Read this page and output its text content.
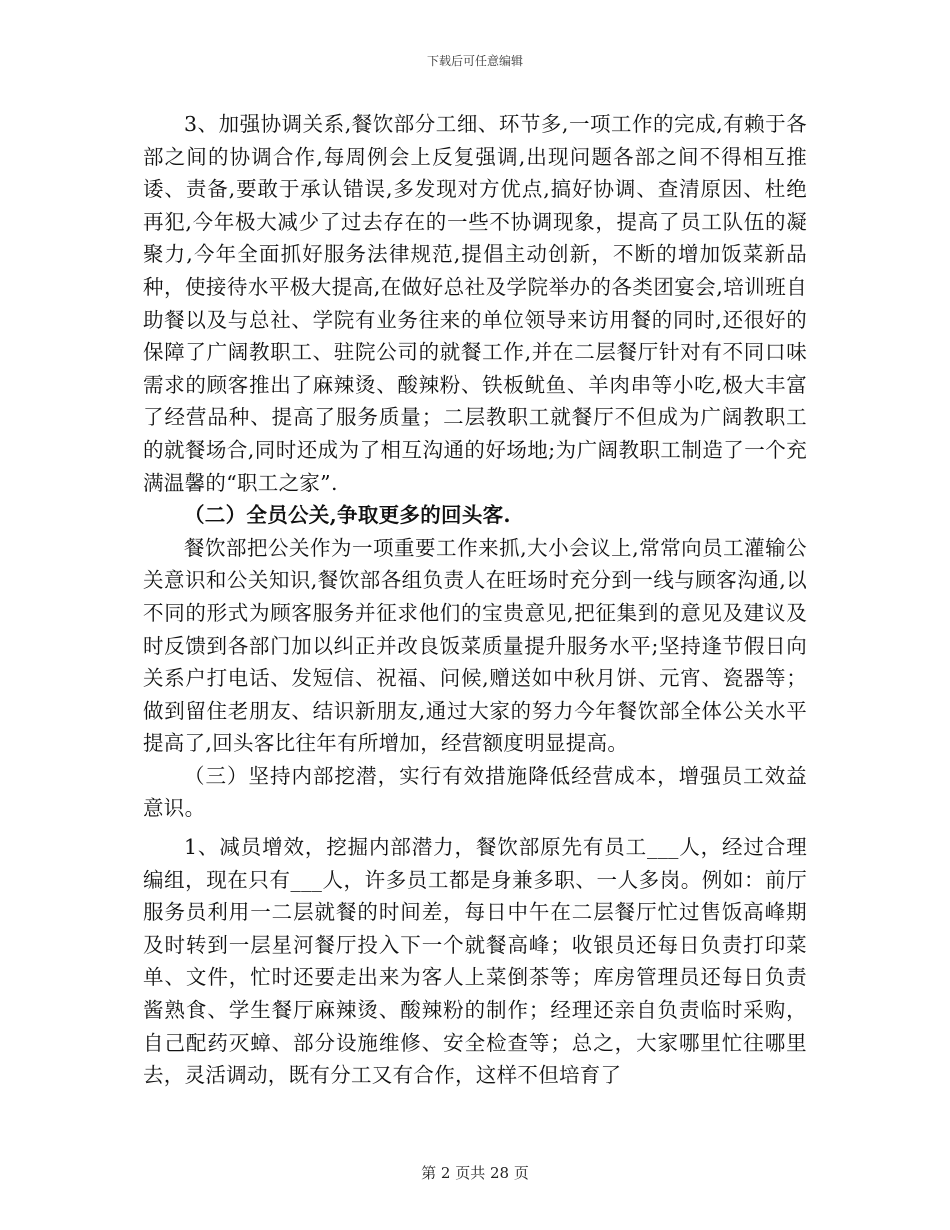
下载后可任意编辑

3、加强协调关系,餐饮部分工细、环节多,一项工作的完成,有赖于各部之间的协调合作,每周例会上反复强调,出现问题各部之间不得相互推诿、责备,要敢于承认错误,多发现对方优点,搞好协调、查清原因、杜绝再犯,今年极大减少了过去存在的一些不协调现象，提高了员工队伍的凝聚力,今年全面抓好服务法律规范,提倡主动创新，不断的增加饭菜新品种，使接待水平极大提高,在做好总社及学院举办的各类团宴会,培训班自助餐以及与总社、学院有业务往来的单位领导来访用餐的同时,还很好的保障了广阔教职工、驻院公司的就餐工作,并在二层餐厅针对有不同口味需求的顾客推出了麻辣烫、酸辣粉、铁板鱿鱼、羊肉串等小吃,极大丰富了经营品种、提高了服务质量；二层教职工就餐厅不但成为广阔教职工的就餐场合,同时还成为了相互沟通的好场地;为广阔教职工制造了一个充满温馨的“职工之家”.

（二）全员公关,争取更多的回头客.

餐饮部把公关作为一项重要工作来抓,大小会议上,常常向员工灌输公关意识和公关知识,餐饮部各组负责人在旺场时充分到一线与顾客沟通,以不同的形式为顾客服务并征求他们的宝贵意见,把征集到的意见及建议及时反馈到各部门加以纠正并改良饭菜质量提升服务水平;坚持逢节假日向关系户打电话、发短信、祝福、问候,赠送如中秋月饼、元宵、瓷器等；做到留住老朋友、结识新朋友,通过大家的努力今年餐饮部全体公关水平提高了,回头客比往年有所增加，经营额度明显提高。

（三）坚持内部挖潜，实行有效措施降低经营成本，增强员工效益意识。

1、减员增效，挖掘内部潜力，餐饮部原先有员工___人，经过合理编组，现在只有___人，许多员工都是身兼多职、一人多岗。例如：前厅服务员利用一二层就餐的时间差，每日中午在二层餐厅忙过售饭高峰期及时转到一层星河餐厅投入下一个就餐高峰；收银员还每日负责打印菜单、文件，忙时还要走出来为客人上菜倒茶等；库房管理员还每日负责酱熟食、学生餐厅麻辣烫、酸辣粉的制作；经理还亲自负责临时采购，自己配药灭蟑、部分设施维修、安全检查等；总之，大家哪里忙往哪里去，灵活调动，既有分工又有合作，这样不但培育了

第 2 页共 28 页
